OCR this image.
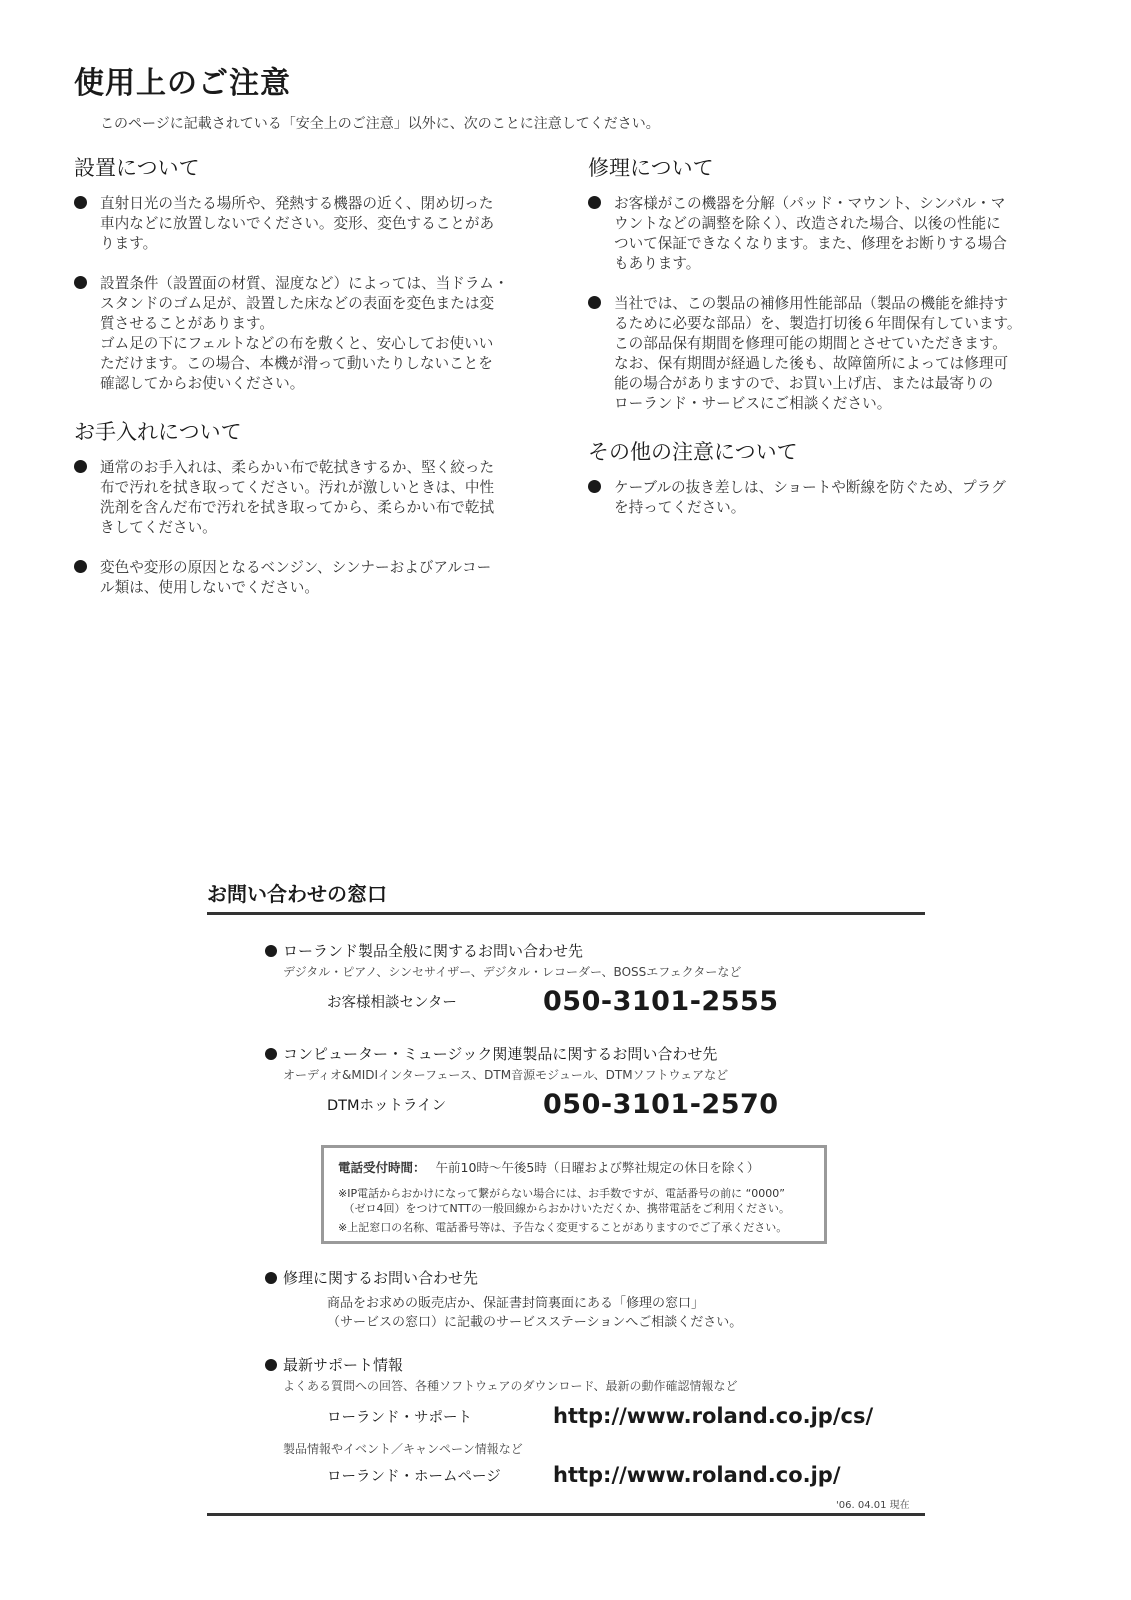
使用上のご注意
このページに記載されている「安全上のご注意」以外に、次のことに注意してください。
設置について
直射日光の当たる場所や、発熱する機器の近く、閉め切った
車内などに放置しないでください。変形、変色することがあ
ります。
設置条件（設置面の材質、湿度など）によっては、当ドラム・
スタンドのゴム足が、設置した床などの表面を変色または変
質させることがあります。
ゴム足の下にフェルトなどの布を敷くと、安心してお使いい
ただけます。この場合、本機が滑って動いたりしないことを
確認してからお使いください。
お手入れについて
通常のお手入れは、柔らかい布で乾拭きするか、堅く絞った
布で汚れを拭き取ってください。汚れが激しいときは、中性
洗剤を含んだ布で汚れを拭き取ってから、柔らかい布で乾拭
きしてください。
変色や変形の原因となるベンジン、シンナーおよびアルコー
ル類は、使用しないでください。
修理について
お客様がこの機器を分解（パッド・マウント、シンバル・マ
ウントなどの調整を除く）、改造された場合、以後の性能に
ついて保証できなくなります。また、修理をお断りする場合
もあります。
当社では、この製品の補修用性能部品（製品の機能を維持す
るために必要な部品）を、製造打切後６年間保有しています。
この部品保有期間を修理可能の期間とさせていただきます。
なお、保有期間が経過した後も、故障箇所によっては修理可
能の場合がありますので、お買い上げ店、または最寄りの
ローランド・サービスにご相談ください。
その他の注意について
ケーブルの抜き差しは、ショートや断線を防ぐため、プラグ
を持ってください。
お問い合わせの窓口
ローランド製品全般に関するお問い合わせ先
デジタル・ピアノ、シンセサイザー、デジタル・レコーダー、BOSSエフェクターなど
お客様相談センター	050-3101-2555
コンピューター・ミュージック関連製品に関するお問い合わせ先
オーディオ&MIDIインターフェース、DTM音源モジュール、DTMソフトウェアなど
DTMホットライン	050-3101-2570
電話受付時間： 午前10時〜午後5時（日曜および弊社規定の休日を除く）
※IP電話からおかけになって繋がらない場合には、お手数ですが、電話番号の前に “0000”
　（ゼロ4回）をつけてNTTの一般回線からおかけいただくか、携帯電話をご利用ください。
※上記窓口の名称、電話番号等は、予告なく変更することがありますのでご了承ください。
修理に関するお問い合わせ先
商品をお求めの販売店か、保証書封筒裏面にある「修理の窓口」
（サービスの窓口）に記載のサービスステーションへご相談ください。
最新サポート情報
よくある質問への回答、各種ソフトウェアのダウンロード、最新の動作確認情報など
ローランド・サポート	http://www.roland.co.jp/cs/
製品情報やイベント／キャンペーン情報など
ローランド・ホームページ	http://www.roland.co.jp/
'06. 04.01 現在
